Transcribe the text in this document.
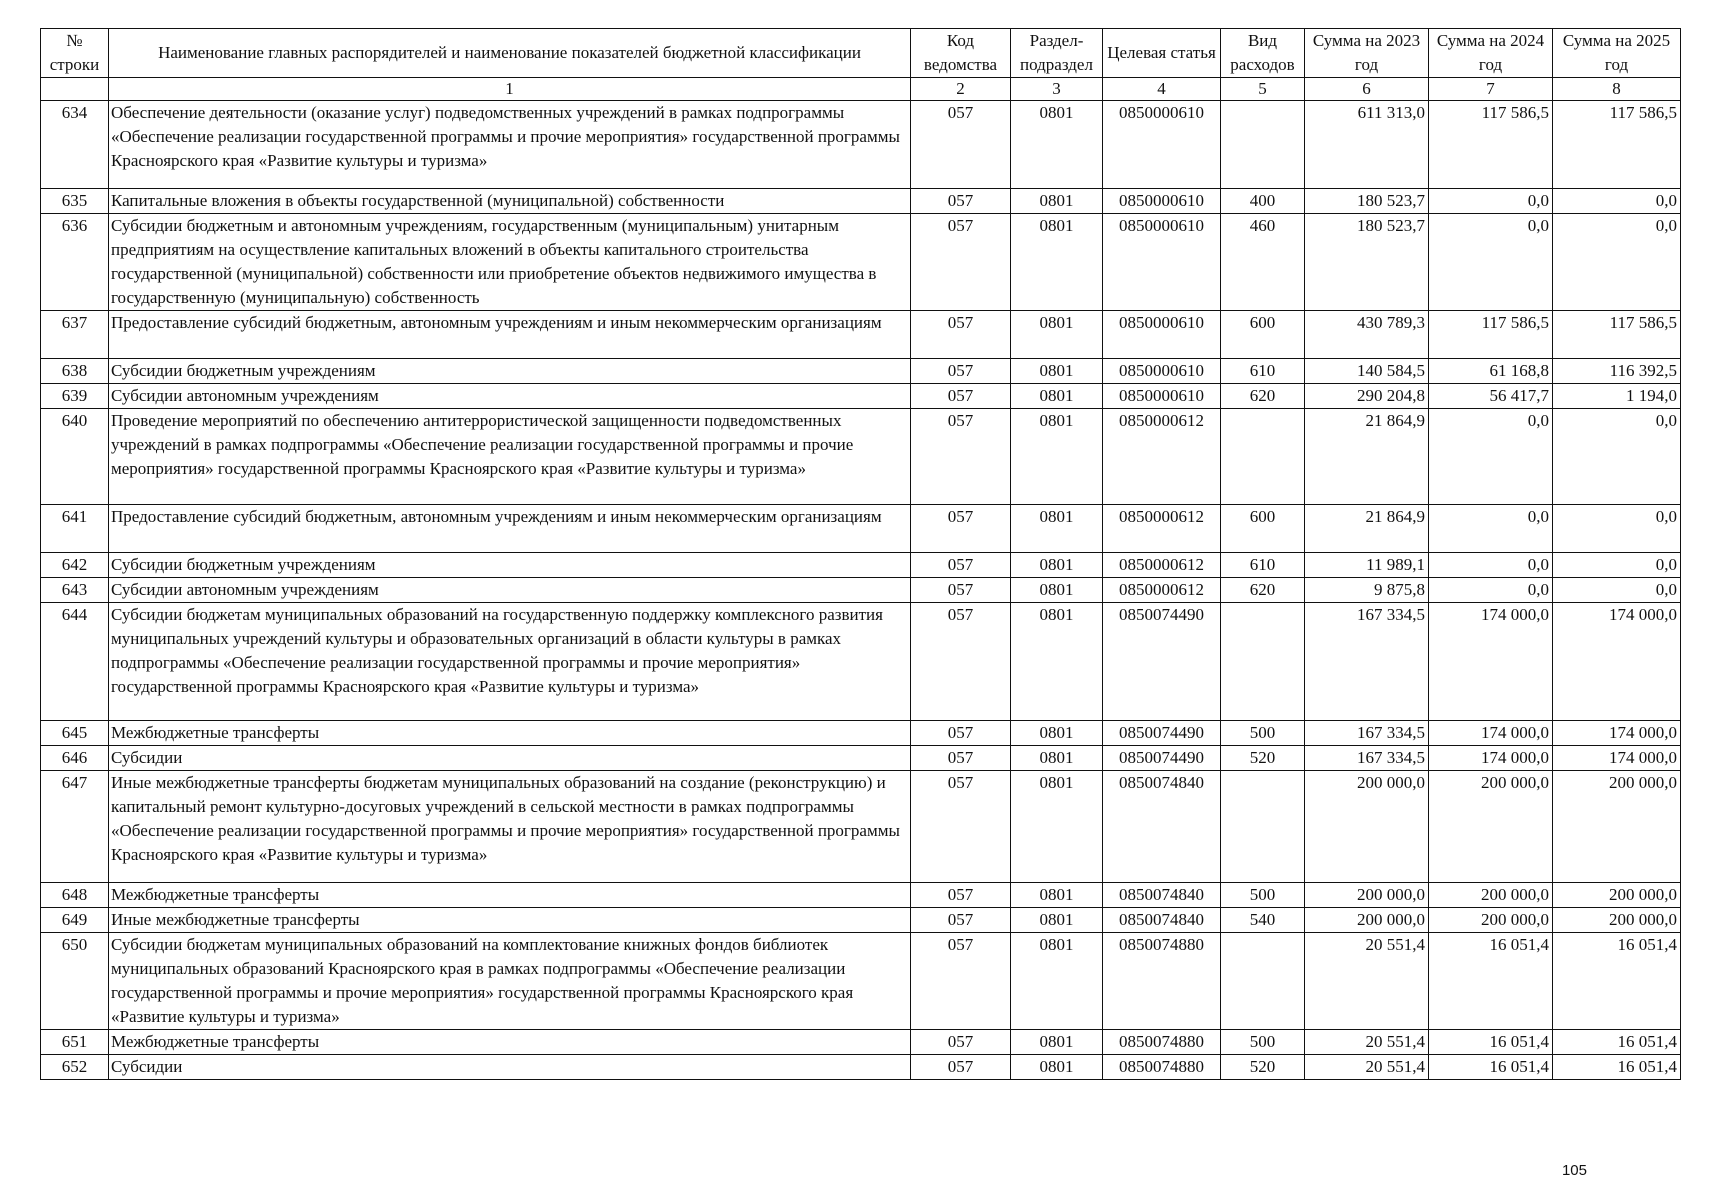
№ строки	Наименование главных распорядителей и наименование показателей бюджетной классификации	Код ведомства	Раздел-подраздел	Целевая статья	Вид расходов	Сумма на 2023 год	Сумма на 2024 год	Сумма на 2025 год
	1	2	3	4	5	6	7	8
634	Обеспечение деятельности (оказание услуг) подведомственных учреждений в рамках подпрограммы «Обеспечение реализации государственной программы и прочие мероприятия» государственной программы Красноярского края «Развитие культуры и туризма»	057	0801	0850000610		611 313,0	117 586,5	117 586,5
635	Капитальные вложения в объекты государственной (муниципальной) собственности	057	0801	0850000610	400	180 523,7	0,0	0,0
636	Субсидии бюджетным и автономным учреждениям, государственным (муниципальным) унитарным предприятиям на осуществление капитальных вложений в объекты капитального строительства государственной (муниципальной) собственности или приобретение объектов недвижимого имущества в государственную (муниципальную) собственность	057	0801	0850000610	460	180 523,7	0,0	0,0
637	Предоставление субсидий бюджетным, автономным учреждениям и иным некоммерческим организациям	057	0801	0850000610	600	430 789,3	117 586,5	117 586,5
638	Субсидии бюджетным учреждениям	057	0801	0850000610	610	140 584,5	61 168,8	116 392,5
639	Субсидии автономным учреждениям	057	0801	0850000610	620	290 204,8	56 417,7	1 194,0
640	Проведение мероприятий по обеспечению антитеррористической защищенности подведомственных учреждений в рамках подпрограммы «Обеспечение реализации государственной программы и прочие мероприятия» государственной программы Красноярского края «Развитие культуры и туризма»	057	0801	0850000612		21 864,9	0,0	0,0
641	Предоставление субсидий бюджетным, автономным учреждениям и иным некоммерческим организациям	057	0801	0850000612	600	21 864,9	0,0	0,0
642	Субсидии бюджетным учреждениям	057	0801	0850000612	610	11 989,1	0,0	0,0
643	Субсидии автономным учреждениям	057	0801	0850000612	620	9 875,8	0,0	0,0
644	Субсидии бюджетам муниципальных образований на государственную поддержку комплексного развития муниципальных учреждений культуры и образовательных организаций в области культуры в рамках подпрограммы «Обеспечение реализации государственной программы и прочие мероприятия» государственной программы Красноярского края «Развитие культуры и туризма»	057	0801	0850074490		167 334,5	174 000,0	174 000,0
645	Межбюджетные трансферты	057	0801	0850074490	500	167 334,5	174 000,0	174 000,0
646	Субсидии	057	0801	0850074490	520	167 334,5	174 000,0	174 000,0
647	Иные межбюджетные трансферты бюджетам муниципальных образований на создание (реконструкцию) и капитальный ремонт культурно-досуговых учреждений в сельской местности в рамках подпрограммы «Обеспечение реализации государственной программы и прочие мероприятия» государственной программы Красноярского края «Развитие культуры и туризма»	057	0801	0850074840		200 000,0	200 000,0	200 000,0
648	Межбюджетные трансферты	057	0801	0850074840	500	200 000,0	200 000,0	200 000,0
649	Иные межбюджетные трансферты	057	0801	0850074840	540	200 000,0	200 000,0	200 000,0
650	Субсидии бюджетам муниципальных образований на комплектование книжных фондов библиотек муниципальных образований Красноярского края в рамках подпрограммы «Обеспечение реализации государственной программы и прочие мероприятия» государственной программы Красноярского края «Развитие культуры и туризма»	057	0801	0850074880		20 551,4	16 051,4	16 051,4
651	Межбюджетные трансферты	057	0801	0850074880	500	20 551,4	16 051,4	16 051,4
652	Субсидии	057	0801	0850074880	520	20 551,4	16 051,4	16 051,4
105
